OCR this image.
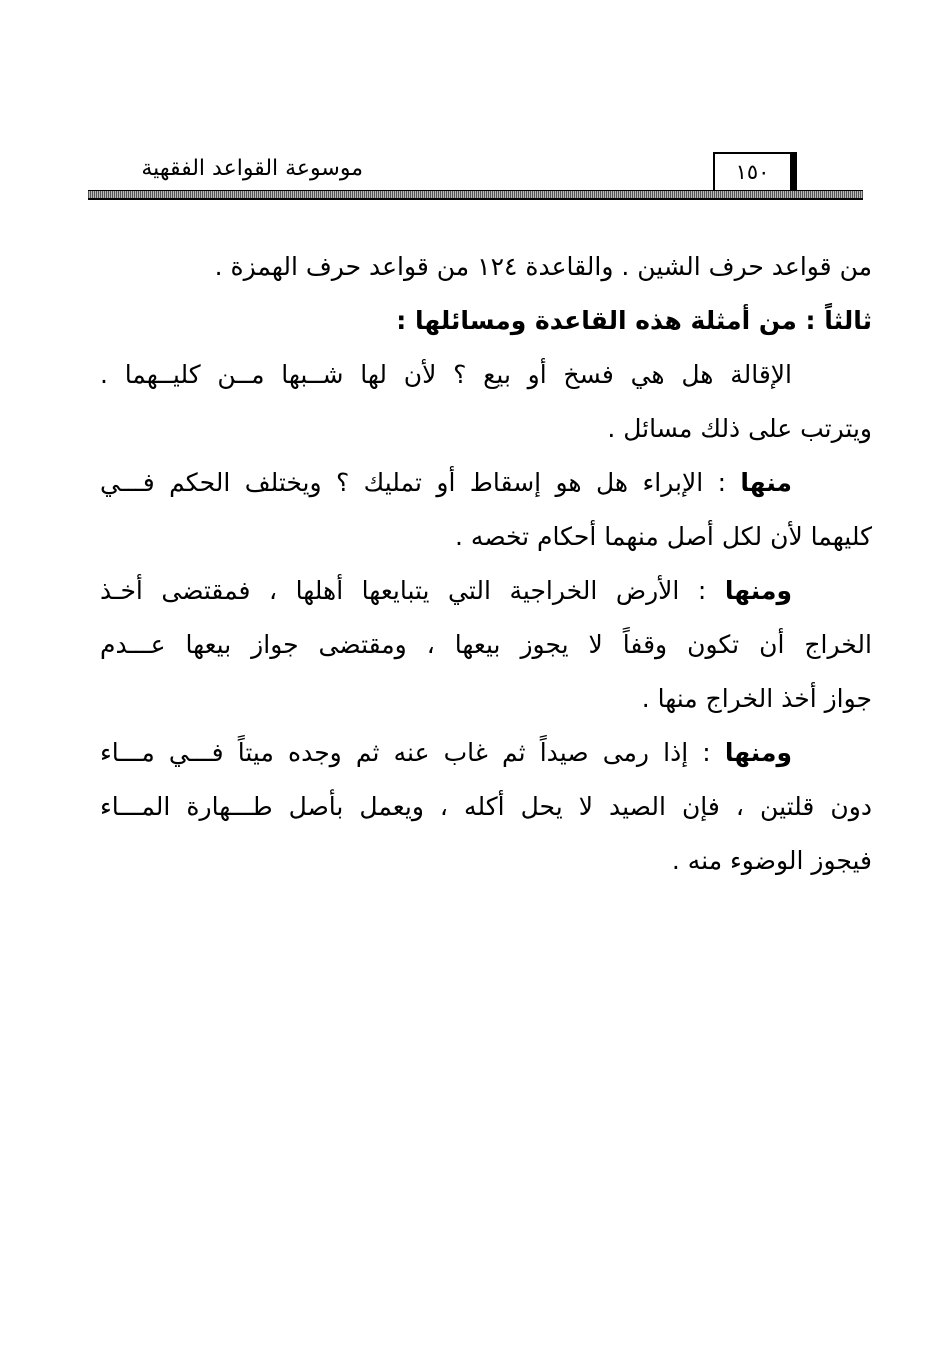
١٥٠
موسوعة القواعد الفقهية
من قواعد حرف الشين . والقاعدة ١٢٤ من قواعد حرف الهمزة .
ثالثاً : من أمثلة هذه القاعدة ومسائلها :
الإقالة هل هي فسخ أو بيع ؟ لأن لها شــبها مــن كليــهما .
ويترتب على ذلك مسائل .
منها : الإبراء هل هو إسقاط أو تمليك ؟ ويختلف الحكم فـــي
كليهما لأن لكل أصل منهما أحكام تخصه .
ومنها : الأرض الخراجية التي يتبايعها أهلها ، فمقتضى أخـذ
الخراج أن تكون وقفاً لا يجوز بيعها ، ومقتضى جواز بيعها عـــدم
جواز أخذ الخراج منها .
ومنها : إذا رمى صيداً ثم غاب عنه ثم وجده ميتاً فـــي مـــاء
دون قلتين ، فإن الصيد لا يحل أكله ، ويعمل بأصل طـــهارة المـــاء
فيجوز الوضوء منه .
